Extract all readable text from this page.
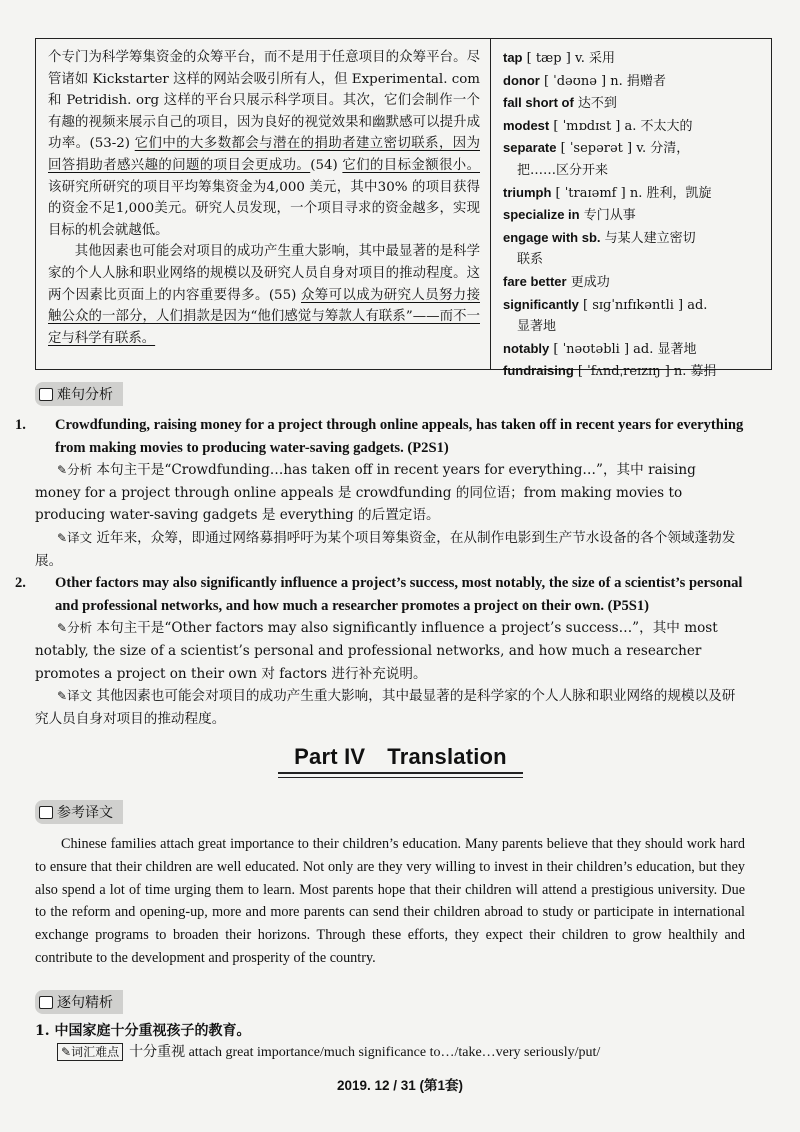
个专门为科学筹集资金的众筹平台，而不是用于任意项目的众筹平台。尽管诸如 Kickstarter 这样的网站会吸引所有人，但 Experimental. com和 Petridish. org 这样的平台只展示科学项目。其次，它们会制作一个有趣的视频来展示自己的项目，因为良好的视觉效果和幽默感可以提升成功率。(53-2) 它们中的大多数都会与潜在的捐助者建立密切联系，因为回答捐助者感兴趣的问题的项目会更成功。(54) 它们的目标金额很小。该研究所研究的项目平均筹集资金为4,000 美元，其中30% 的项目获得的资金不足1,000美元。研究人员发现，一个项目寻求的资金越多，实现目标的机会就越低。

其他因素也可能会对项目的成功产生重大影响，其中最显著的是科学家的个人人脉和职业网络的规模以及研究人员自身对项目的推动程度。这两个因素比页面上的内容重要得多。(55) 众筹可以成为研究人员努力接触公众的一部分，人们捐款是因为“他们感觉与筹款人有联系”——而不一定与科学有联系。

tap [ tæp ] v. 采用

donor [ ˈdəʊnə ] n. 捐赠者

fall short of 达不到

modest [ ˈmɒdɪst ] a. 不太大的

separate [ ˈsepərət ] v. 分清，
把……区分开来

triumph [ ˈtraɪəmf ] n. 胜利，凯旋

specialize in 专门从事

engage with sb. 与某人建立密切
联系

fare better 更成功

significantly [ sɪɡˈnɪfɪkəntli ] ad.
显著地

notably [ ˈnəʊtəbli ] ad. 显著地

fundraising [ ˈfʌndˌreɪzɪŋ ] n. 募捐

难句分析

1. Crowdfunding, raising money for a project through online appeals, has taken off in recent years for everything from making movies to producing water-saving gadgets. (P2S1)

✎分析 本句主干是“Crowdfunding…has taken off in recent years for everything…”，其中 raising money for a project through online appeals 是 crowdfunding 的同位语；from making movies to producing water-saving gadgets 是 everything 的后置定语。

✎译文 近年来，众筹，即通过网络募捐呼吁为某个项目筹集资金，在从制作电影到生产节水设备的各个领域蓬勃发展。

2. Other factors may also significantly influence a project’s success, most notably, the size of a scientist’s personal and professional networks, and how much a researcher promotes a project on their own. (P5S1)

✎分析 本句主干是“Other factors may also significantly influence a project’s success…”，其中 most notably, the size of a scientist’s personal and professional networks, and how much a researcher promotes a project on their own 对 factors 进行补充说明。

✎译文 其他因素也可能会对项目的成功产生重大影响，其中最显著的是科学家的个人人脉和职业网络的规模以及研究人员自身对项目的推动程度。

Part IV Translation
参考译文

Chinese families attach great importance to their children’s education. Many parents believe that they should work hard to ensure that their children are well educated. Not only are they very willing to invest in their children’s education, but they also spend a lot of time urging them to learn. Most parents hope that their children will attend a prestigious university. Due to the reform and opening-up, more and more parents can send their children abroad to study or participate in international exchange programs to broaden their horizons. Through these efforts, they expect their children to grow healthily and contribute to the development and prosperity of the country.

逐句精析

1. 中国家庭十分重视孩子的教育。

✎词汇难点 十分重视 attach great importance/much significance to…/take…very seriously/put/

2019. 12 / 31 (第1套)
